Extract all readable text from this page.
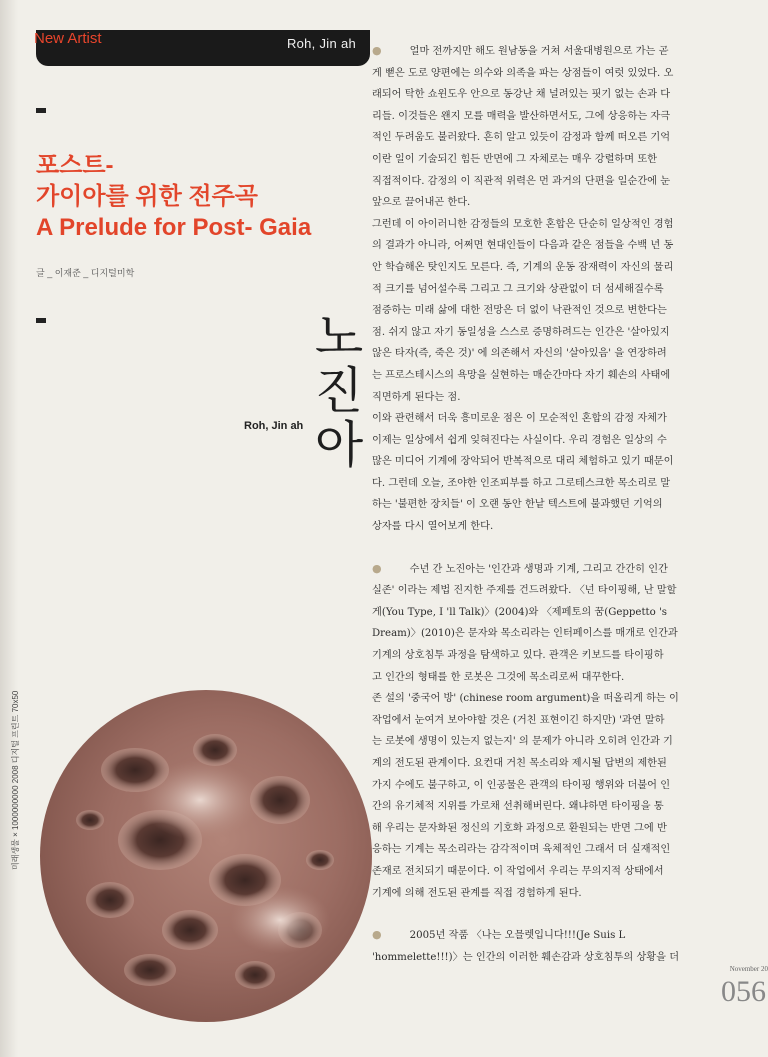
Roh, Jin ah
New Artist
포스트-
가이아를 위한 전주곡
A Prelude for Post- Gaia
글 _ 이재준 _ 디지털미학
노
진
아
Roh, Jin ah
미래생물 × 1000000000 2008 디지털 프린트 70x50
●	얼마 전까지만 해도 원남동을 거쳐 서울대병원으로 가는 곧
게 뻗은 도로 양편에는 의수와 의족을 파는 상점들이 여럿 있었다. 오
래되어 탁한 쇼윈도우 안으로 동강난 채 널려있는 핏기 없는 손과 다
리들. 이것들은 왠지 모를 매력을 발산하면서도, 그에 상응하는 자극
적인 두려움도 불러왔다. 흔히 알고 있듯이 감정과 함께 떠오른 기억
이란 일이 기술되긴 힘든 반면에 그 자체로는 매우 강렬하며 또한
직접적이다. 감정의 이 직관적 위력은 먼 과거의 단편을 일순간에 눈
앞으로 끌어내곤 한다.
그런데 이 아이러니한 감정들의 모호한 혼합은 단순히 일상적인 경험
의 결과가 아니라, 어쩌면 현대인들이 다음과 같은 점들을 수백 년 동
안 학습해온 탓인지도 모른다. 즉, 기계의 운동 잠재력이 자신의 물리
적 크기를 넘어설수록 그리고 그 크기와 상관없이 더 섬세해질수록
점증하는 미래 삶에 대한 전망은 더 없이 낙관적인 것으로 변한다는
점. 쉬지 않고 자기 동일성을 스스로 증명하려드는 인간은 '살아있지
않은 타자(즉, 죽은 것)' 에 의존해서 자신의 '살아있음' 을 연장하려
는 프로스테시스의 욕망을 실현하는 매순간마다 자기 훼손의 사태에
직면하게 된다는 점.
이와 관련해서 더욱 흥미로운 점은 이 모순적인 혼합의 감정 자체가
이제는 일상에서 쉽게 잊혀진다는 사실이다. 우리 경험은 일상의 수
많은 미디어 기계에 장악되어 반복적으로 대리 체험하고 있기 때문이
다. 그런데 오늘, 조야한 인조피부를 하고 그로테스크한 목소리로 말
하는 '불편한 장치들' 이 오랜 동안 한낱 텍스트에 불과했던 기억의
상자를 다시 열어보게 한다.
●	수년 간 노진아는 '인간과 생명과 기계, 그리고 간간히 인간
실존' 이라는 제법 진지한 주제를 건드려왔다. 〈넌 타이핑해, 난 말할
게(You Type, I 'll Talk)〉(2004)와 〈제페토의 꿈(Geppetto 's
Dream)〉(2010)은 문자와 목소리라는 인터페이스를 매개로 인간과
기계의 상호침투 과정을 탐색하고 있다. 관객은 키보드를 타이핑하
고 인간의 형태를 한 로봇은 그것에 목소리로써 대꾸한다.
존 설의 '중국어 방' (chinese room argument)을 떠올리게 하는 이
작업에서 눈여겨 보아야할 것은 (거친 표현이긴 하지만) '과연 말하
는 로봇에 생명이 있는지 없는지' 의 문제가 아니라 오히려 인간과 기
계의 전도된 관계이다. 요컨대 거친 목소리와 제시될 답변의 제한된
가지 수에도 불구하고, 이 인공물은 관객의 타이핑 행위와 더불어 인
간의 유기체적 지위를 가로채 선취해버린다. 왜냐하면 타이핑을 통
해 우리는 문자화된 정신의 기호화 과정으로 환원되는 반면 그에 반
응하는 기계는 목소리라는 감각적이며 육체적인 그래서 더 실재적인
존재로 전치되기 때문이다. 이 작업에서 우리는 무의지적 상태에서
기계에 의해 전도된 관계를 직접 경험하게 된다.
●	2005년 작품 〈나는 오믈렛입니다!!!(Je Suis L
'hommelette!!!)〉는 인간의 이러한 훼손감과 상호침투의 상황을 더
November 20
056
